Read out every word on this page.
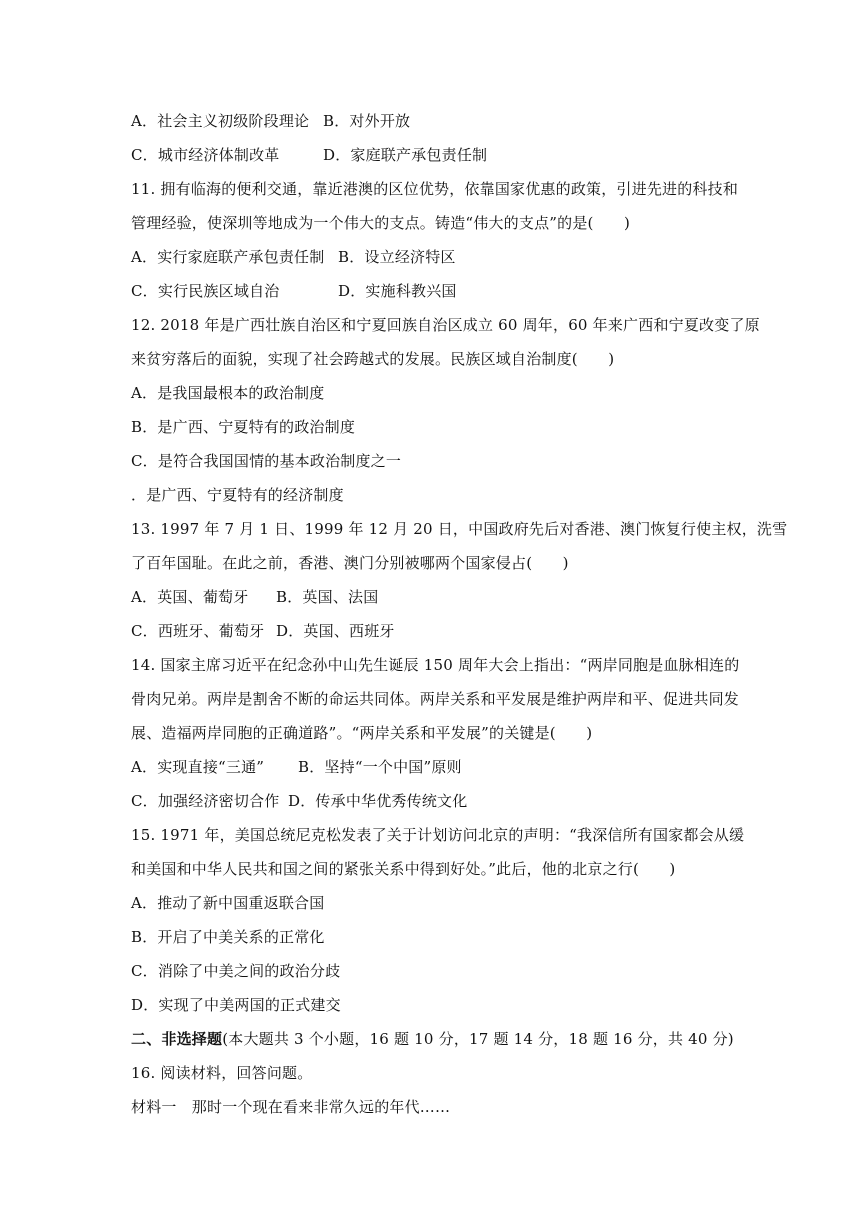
A．社会主义初级阶段理论 B．对外开放
C．城市经济体制改革	D．家庭联产承包责任制
11. 拥有临海的便利交通，靠近港澳的区位优势，依靠国家优惠的政策，引进先进的科技和
管理经验，使深圳等地成为一个伟大的支点。铸造“伟大的支点”的是(　　)
A．实行家庭联产承包责任制 B．设立经济特区
C．实行民族区域自治	D．实施科教兴国
12. 2018 年是广西壮族自治区和宁夏回族自治区成立 60 周年，60 年来广西和宁夏改变了原
来贫穷落后的面貌，实现了社会跨越式的发展。民族区域自治制度(　　)
A．是我国最根本的政治制度
B．是广西、宁夏特有的政治制度
C．是符合我国国情的基本政治制度之一
．是广西、宁夏特有的经济制度
13. 1997 年 7 月 1 日、1999 年 12 月 20 日，中国政府先后对香港、澳门恢复行使主权，洗雪
了百年国耻。在此之前，香港、澳门分别被哪两个国家侵占(　　)
A．英国、葡萄牙 B．英国、法国
C．西班牙、葡萄牙 D．英国、西班牙
14. 国家主席习近平在纪念孙中山先生诞辰 150 周年大会上指出：“两岸同胞是血脉相连的
骨肉兄弟。两岸是割舍不断的命运共同体。两岸关系和平发展是维护两岸和平、促进共同发
展、造福两岸同胞的正确道路”。“两岸关系和平发展”的关键是(　　)
A．实现直接“三通” B．坚持“一个中国”原则
C．加强经济密切合作 D．传承中华优秀传统文化
15. 1971 年，美国总统尼克松发表了关于计划访问北京的声明：“我深信所有国家都会从缓
和美国和中华人民共和国之间的紧张关系中得到好处。”此后，他的北京之行(　　)
A．推动了新中国重返联合国
B．开启了中美关系的正常化
C．消除了中美之间的政治分歧
D．实现了中美两国的正式建交
二、非选择题(本大题共 3 个小题，16 题 10 分，17 题 14 分，18 题 16 分，共 40 分)
16. 阅读材料，回答问题。
材料一　那时一个现在看来非常久远的年代……
